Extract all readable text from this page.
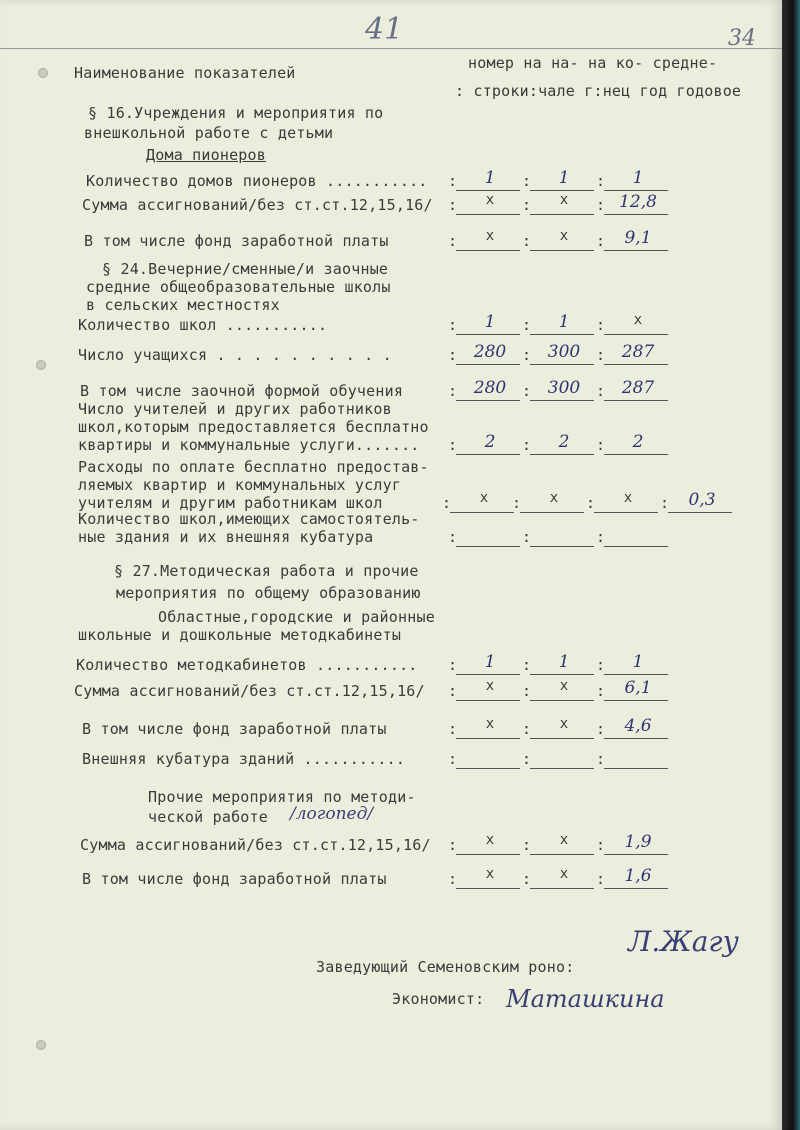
41	34
Наименование показателей
номер на на- на ко- средне-
: строки:чале г:нец год годовое
§ 16.Учреждения и мероприятия по
внешкольной работе с детьми
Дома пионеров
§ 24.Вечерние/сменные/и заочные
средние общеобразовательные школы
в сельских местностях
§ 27.Методическая работа и прочие
мероприятия по общему образованию
Областные,городские и районные
школьные и дошкольные методкабинеты
Прочие мероприятия по методи-
ческой работе /логопед/
Заведующий Семеновским роно:
Л.Жагу
Экономист: Маташкина
Количество домов пионеров ........... :	1	:	1	:	1
Сумма ассигнований/без ст.ст.12,15,16/ :	х	:	х	: 12,8
В том числе фонд заработной платы	:	х	:	х	:	9,1
Количество школ ...........	:	1	:	1	:	х
Число учащихся . . . . . . . . . .	: 280	: 300	: 287
В том числе заочной формой обучения	: 280	: 300	: 287
Число учителей и других работников
школ,которым предоставляется бесплатно
квартиры и коммунальные услуги....... :	2	:	2	:	2
Расходы по оплате бесплатно предостав-
ляемых квартир и коммунальных услуг
учителям и другим работникам школ	:	х	:	х	:	х	:	0,3
Количество школ,имеющих самостоятель-
ные здания и их внешняя кубатура	:	:	:
Количество методкабинетов ........... :	1	:	1	:	1
Сумма ассигнований/без ст.ст.12,15,16/ :	х	:	х	:	6,1
В том числе фонд заработной платы	:	х	:	х	:	4,6
Внешняя кубатура зданий ...........	:	:	:
Сумма ассигнований/без ст.ст.12,15,16/ :	х	:	х	:	1,9
В том числе фонд заработной платы	:	х	:	х	:	1,6
